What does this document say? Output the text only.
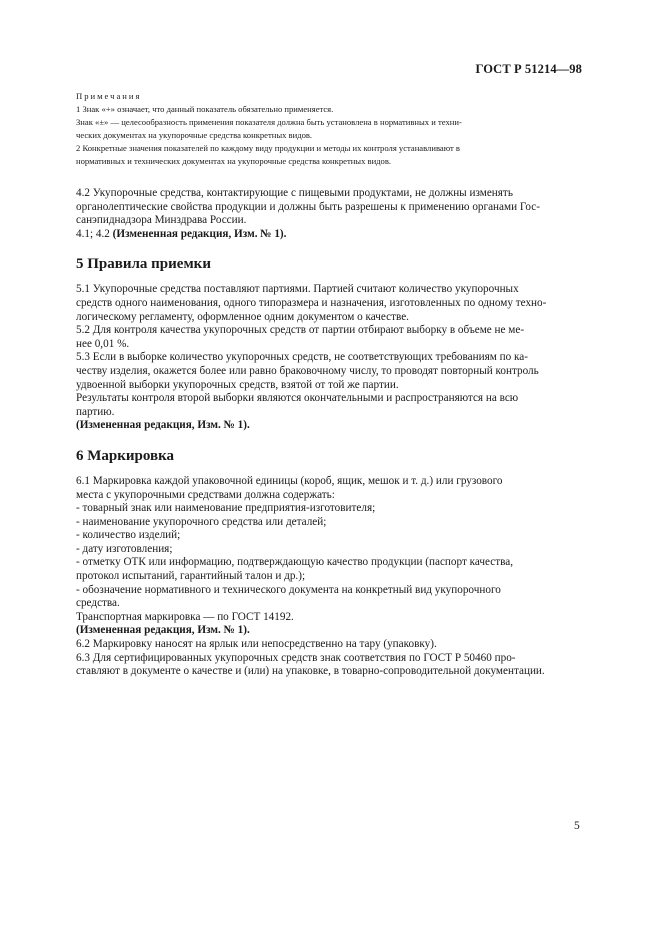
ГОСТ Р 51214—98

Примечания

1 Знак «+» означает, что данный показатель обязательно применяется.

Знак «±» — целесообразность применения показателя должна быть установлена в нормативных и техни-

ческих документах на укупорочные средства конкретных видов.

2 Конкретные значения показателей по каждому виду продукции и методы их контроля устанавливают в

нормативных и технических документах на укупорочные средства конкретных видов.

4.2 Укупорочные средства, контактирующие с пищевыми продуктами, не должны изменять

органолептические свойства продукции и должны быть разрешены к применению органами Гос-

санэпиднадзора Минздрава России.

4.1; 4.2 (Измененная редакция, Изм. № 1).

5 Правила приемки

5.1 Укупорочные средства поставляют партиями. Партией считают количество укупорочных

средств одного наименования, одного типоразмера и назначения, изготовленных по одному техно-

логическому регламенту, оформленное одним документом о качестве.

5.2 Для контроля качества укупорочных средств от партии отбирают выборку в объеме не ме-

нее 0,01 %.

5.3 Если в выборке количество укупорочных средств, не соответствующих требованиям по ка-

честву изделия, окажется более или равно браковочному числу, то проводят повторный контроль

удвоенной выборки укупорочных средств, взятой от той же партии.

Результаты контроля второй выборки являются окончательными и распространяются на всю

партию.

(Измененная редакция, Изм. № 1).

6 Маркировка

6.1 Маркировка каждой упаковочной единицы (короб, ящик, мешок и т. д.) или грузового

места с укупорочными средствами должна содержать:

- товарный знак или наименование предприятия-изготовителя;

- наименование укупорочного средства или деталей;

- количество изделий;

- дату изготовления;

- отметку ОТК или информацию, подтверждающую качество продукции (паспорт качества,

протокол испытаний, гарантийный талон и др.);

- обозначение нормативного и технического документа на конкретный вид укупорочного

средства.

Транспортная маркировка — по ГОСТ 14192.

(Измененная редакция, Изм. № 1).

6.2 Маркировку наносят на ярлык или непосредственно на тару (упаковку).

6.3 Для сертифицированных укупорочных средств знак соответствия по ГОСТ Р 50460 про-

ставляют в документе о качестве и (или) на упаковке, в товарно-сопроводительной документации.

5
